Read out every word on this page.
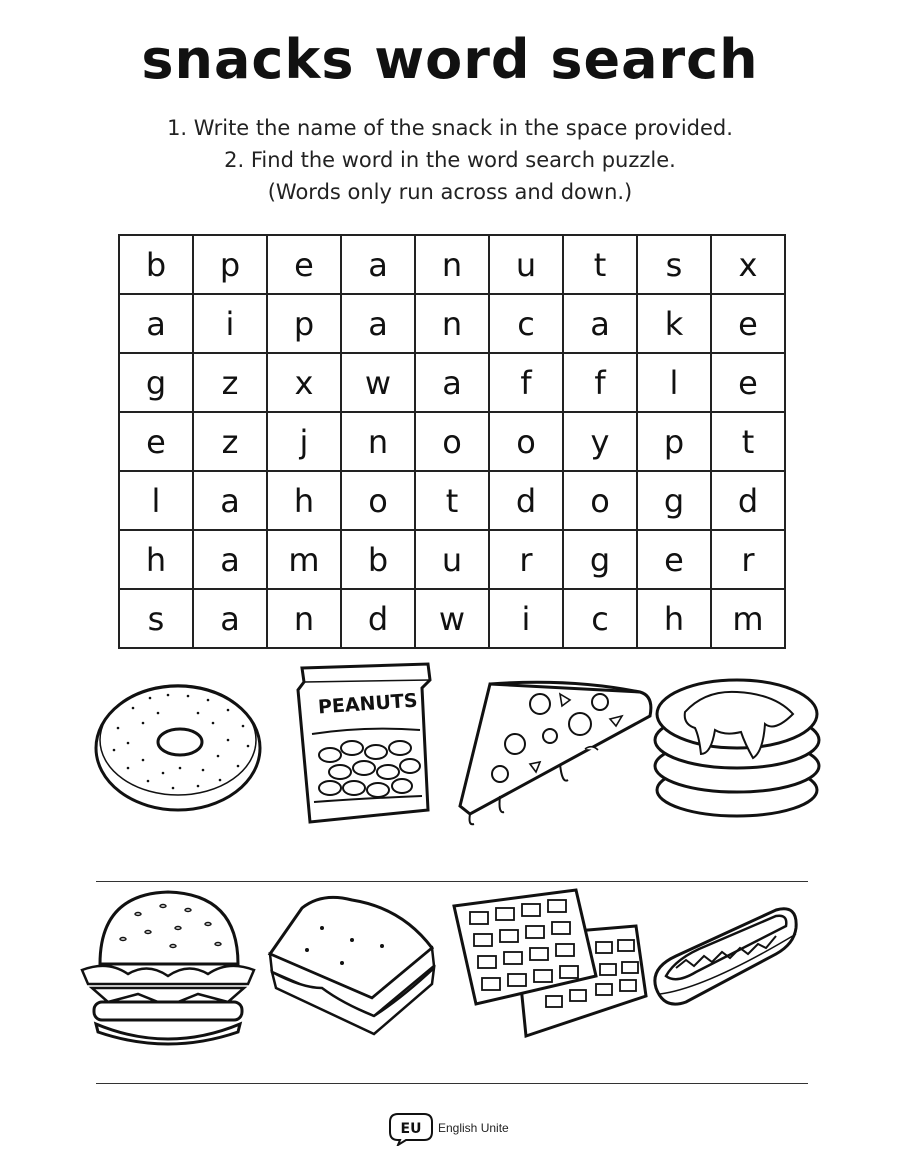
snacks word search
1. Write the name of the snack in the space provided.
2. Find the word in the word search puzzle.
(Words only run across and down.)
b	p	e	a	n	u	t	s	x
a	i	p	a	n	c	a	k	e
g	z	x	w	a	f	f	l	e
e	z	j	n	o	o	y	p	t
l	a	h	o	t	d	o	g	d
h	a	m	b	u	r	g	e	r
s	a	n	d	w	i	c	h	m
PEANUTS
EU English Unite
